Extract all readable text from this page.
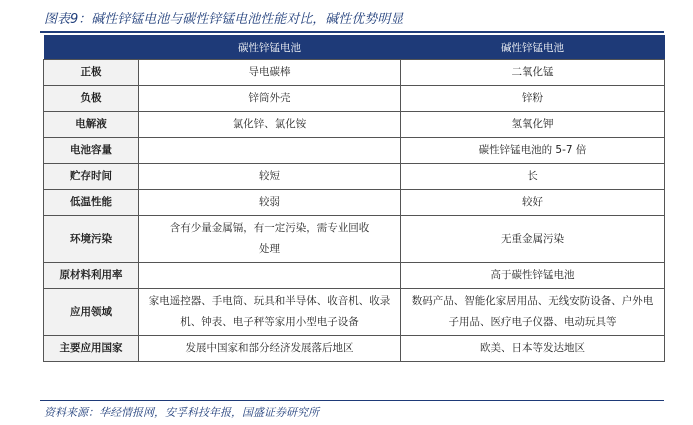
图表9：碱性锌锰电池与碳性锌锰电池性能对比，碱性优势明显
	碳性锌锰电池	碱性锌锰电池
正极	导电碳棒	二氧化锰
负极	锌筒外壳	锌粉
电解液	氯化锌、氯化铵	氢氧化钾
电池容量		碳性锌锰电池的 5-7 倍
贮存时间	较短	长
低温性能	较弱	较好
环境污染	含有少量金属镉，有一定污染，需专业回收处理	无重金属污染
原材料利用率		高于碳性锌锰电池
应用领域	家电遥控器、手电筒、玩具和半导体、收音机、收录机、钟表、电子秤等家用小型电子设备	数码产品、智能化家居用品、无线安防设备、户外电子用品、医疗电子仪器、电动玩具等
主要应用国家	发展中国家和部分经济发展落后地区	欧美、日本等发达地区
资料来源：华经情报网，安孚科技年报，国盛证券研究所
